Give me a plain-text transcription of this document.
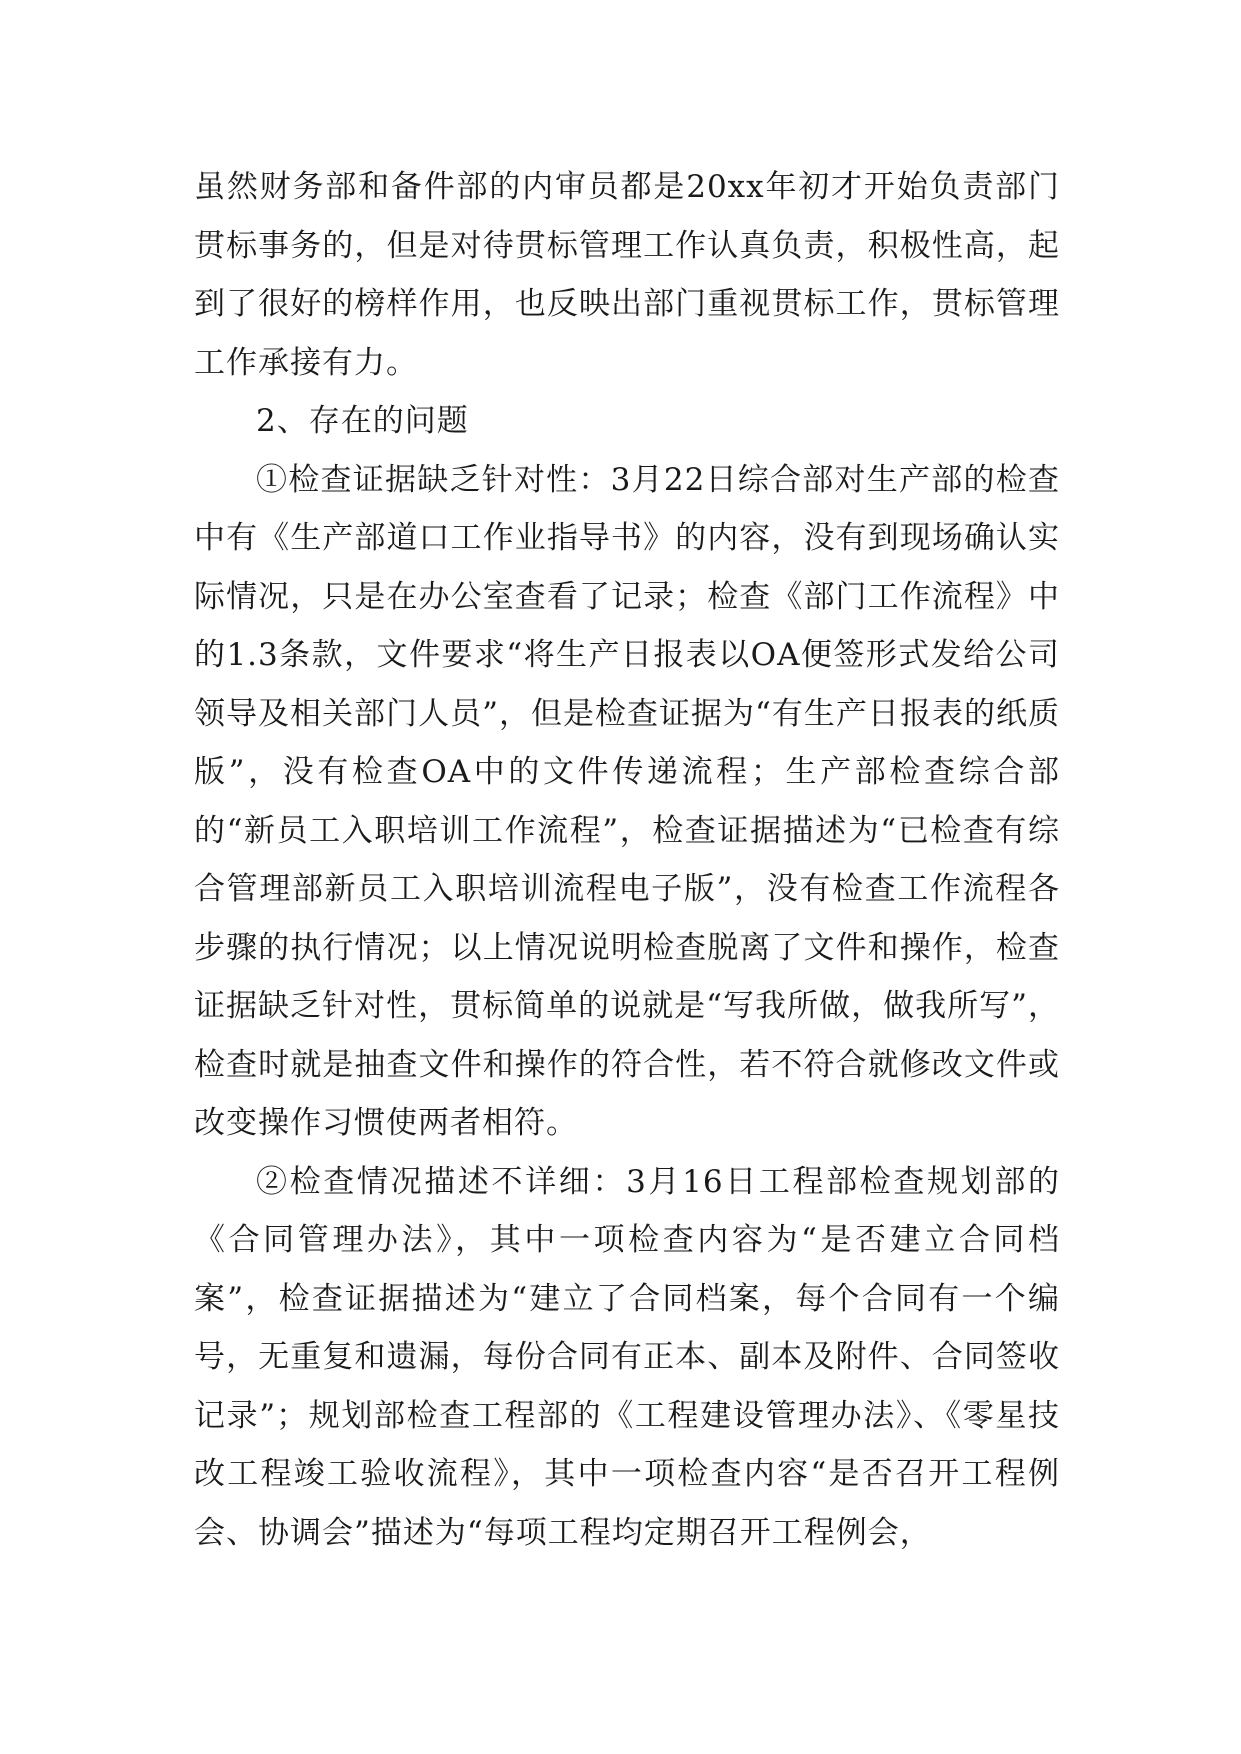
虽然财务部和备件部的内审员都是20xx年初才开始负责部门贯标事务的，但是对待贯标管理工作认真负责，积极性高，起到了很好的榜样作用，也反映出部门重视贯标工作，贯标管理工作承接有力。

2、存在的问题

①检查证据缺乏针对性：3月22日综合部对生产部的检查中有《生产部道口工作业指导书》的内容，没有到现场确认实际情况，只是在办公室查看了记录；检查《部门工作流程》中的1.3条款，文件要求“将生产日报表以OA便签形式发给公司领导及相关部门人员”，但是检查证据为“有生产日报表的纸质版”，没有检查OA中的文件传递流程；生产部检查综合部的“新员工入职培训工作流程”，检查证据描述为“已检查有综合管理部新员工入职培训流程电子版”，没有检查工作流程各步骤的执行情况；以上情况说明检查脱离了文件和操作，检查证据缺乏针对性，贯标简单的说就是“写我所做，做我所写”，检查时就是抽查文件和操作的符合性，若不符合就修改文件或改变操作习惯使两者相符。

②检查情况描述不详细：3月16日工程部检查规划部的《合同管理办法》，其中一项检查内容为“是否建立合同档案”，检查证据描述为“建立了合同档案，每个合同有一个编号，无重复和遗漏，每份合同有正本、副本及附件、合同签收记录”；规划部检查工程部的《工程建设管理办法》、《零星技改工程竣工验收流程》，其中一项检查内容“是否召开工程例会、协调会”描述为“每项工程均定期召开工程例会，
